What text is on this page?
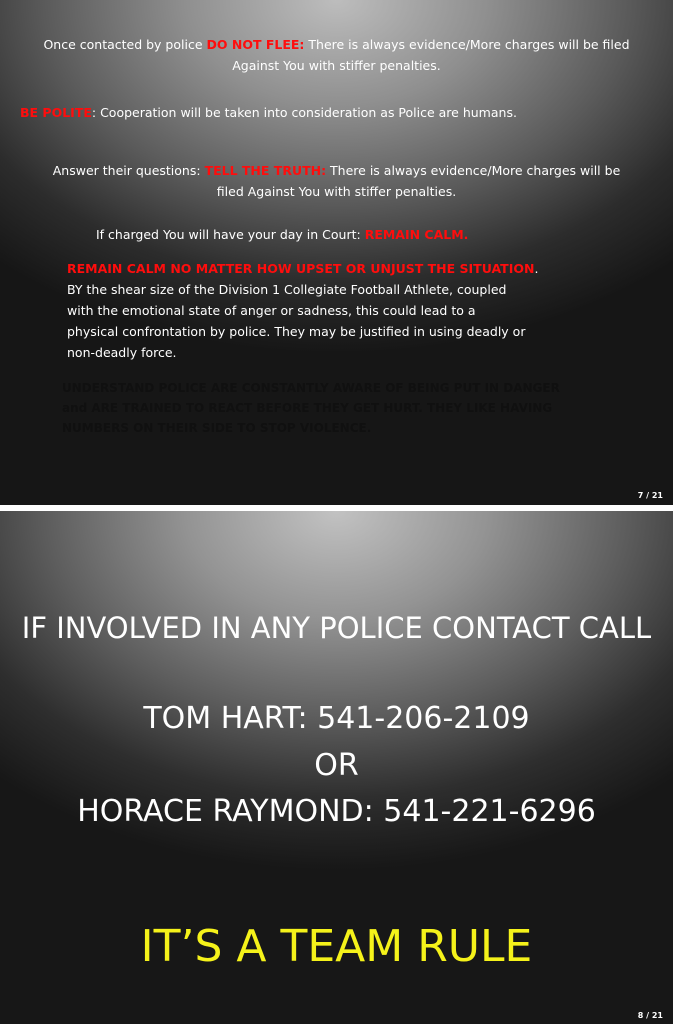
Once contacted by police DO NOT FLEE: There is always evidence/More charges will be filed
Against You with stiffer penalties.
BE POLITE: Cooperation will be taken into consideration as Police are humans.
Answer their questions: TELL THE TRUTH: There is always evidence/More charges will be
filed Against You with stiffer penalties.
If charged You will have your day in Court: REMAIN CALM.
REMAIN CALM NO MATTER HOW UPSET OR UNJUST THE SITUATION.
BY the shear size of the Division 1 Collegiate Football Athlete, coupled
with the emotional state of anger or sadness, this could lead to a
physical confrontation by police. They may be justified in using deadly or
non-deadly force.
UNDERSTAND POLICE ARE CONSTANTLY AWARE OF BEING PUT IN DANGER
and ARE TRAINED TO REACT BEFORE THEY GET HURT. THEY LIKE HAVING
NUMBERS ON THEIR SIDE TO STOP VIOLENCE.
7 / 21
IF INVOLVED IN ANY POLICE CONTACT CALL
TOM HART: 541-206-2109
OR
HORACE RAYMOND: 541-221-6296
IT’S A TEAM RULE
8 / 21
